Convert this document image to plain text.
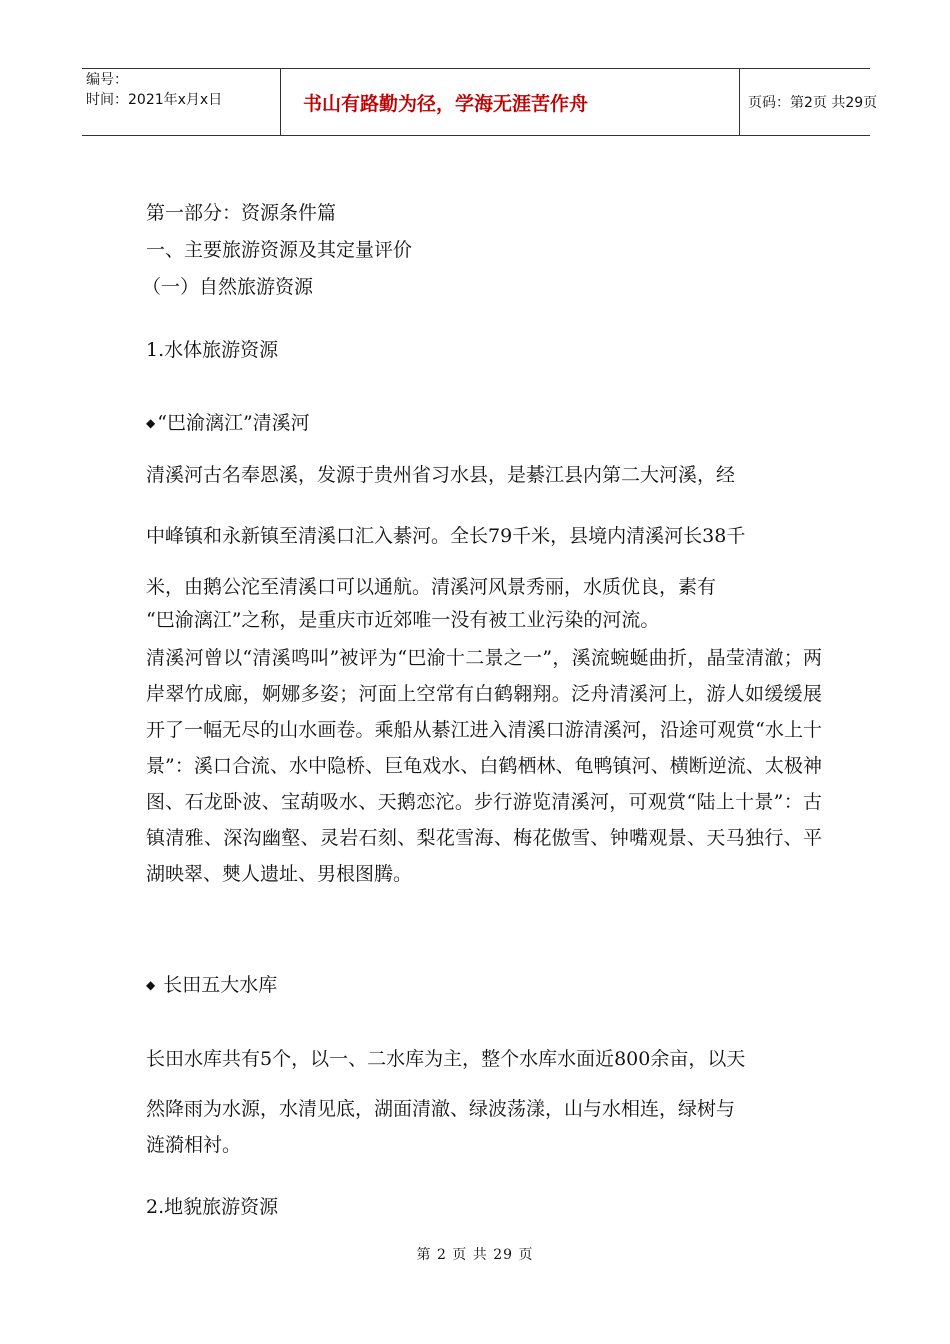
编号：
时间：2021年x月x日	书山有路勤为径，学海无涯苦作舟	页码：第2页 共29页
第一部分：资源条件篇
一、主要旅游资源及其定量评价
（一）自然旅游资源
1.水体旅游资源
◆ “巴渝漓江”清溪河
清溪河古名奉恩溪，发源于贵州省习水县，是綦江县内第二大河溪，经
中峰镇和永新镇至清溪口汇入綦河。全长79千米，县境内清溪河长38千
米，由鹅公沱至清溪口可以通航。清溪河风景秀丽，水质优良，素有
“巴渝漓江”之称，是重庆市近郊唯一没有被工业污染的河流。
清溪河曾以“清溪鸣叫”被评为“巴渝十二景之一”，溪流蜿蜒曲折，晶莹清澈；两岸翠竹成廊，婀娜多姿；河面上空常有白鹤翱翔。泛舟清溪河上，游人如缓缓展开了一幅无尽的山水画卷。乘船从綦江进入清溪口游清溪河，沿途可观赏“水上十景”：溪口合流、水中隐桥、巨龟戏水、白鹤栖林、龟鸭镇河、横断逆流、太极神图、石龙卧波、宝葫吸水、天鹅恋沱。步行游览清溪河，可观赏“陆上十景”：古镇清雅、深沟幽壑、灵岩石刻、梨花雪海、梅花傲雪、钟嘴观景、天马独行、平湖映翠、僰人遗址、男根图腾。
◆ 长田五大水库
长田水库共有5个，以一、二水库为主，整个水库水面近800余亩，以天
然降雨为水源，水清见底，湖面清澈、绿波荡漾，山与水相连，绿树与
涟漪相衬。
2.地貌旅游资源
第 2 页 共 29 页
